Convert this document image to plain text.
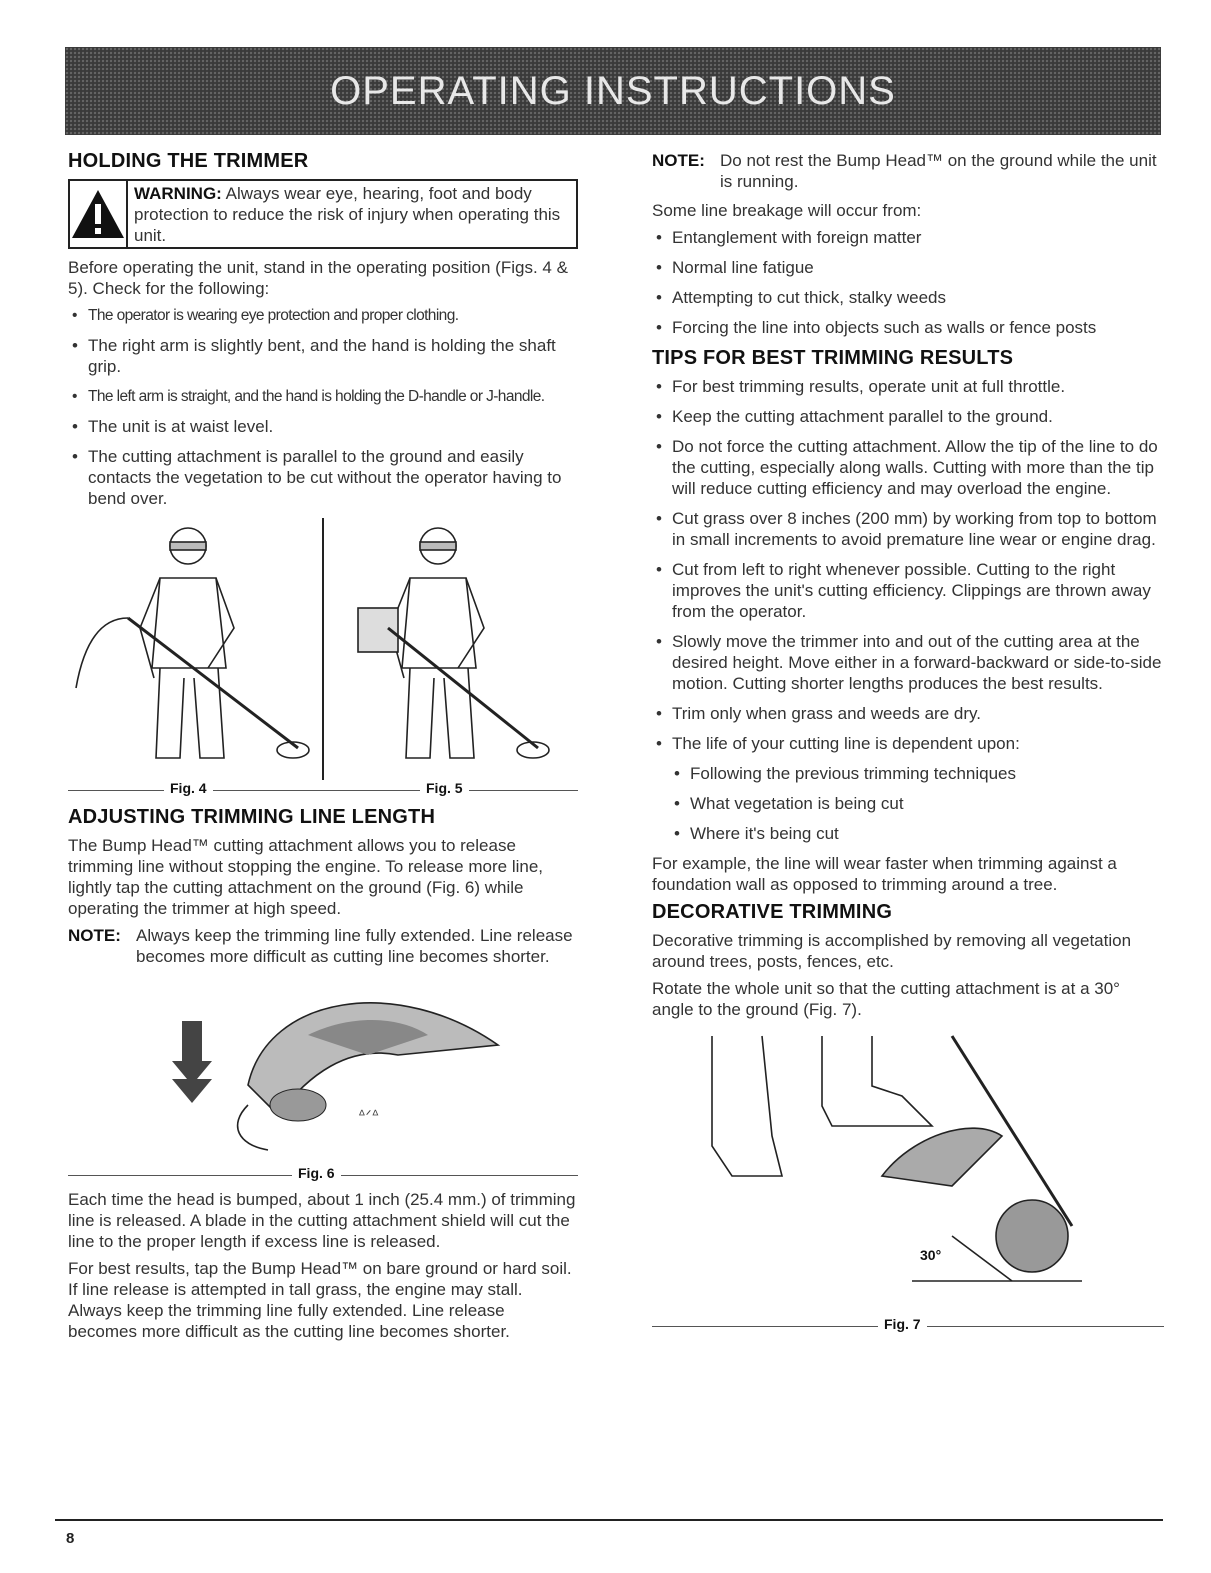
OPERATING INSTRUCTIONS
HOLDING THE TRIMMER
WARNING: Always wear eye, hearing, foot and body protection to reduce the risk of injury when operating this unit.

Before operating the unit, stand in the operating position (Figs. 4 & 5). Check for the following:

• The operator is wearing eye protection and proper clothing.
• The right arm is slightly bent, and the hand is holding the shaft grip.
• The left arm is straight, and the hand is holding the D-handle or J-handle.
• The unit is at waist level.
• The cutting attachment is parallel to the ground and easily contacts the vegetation to be cut without the operator having to bend over.
Fig. 4	Fig. 5
ADJUSTING TRIMMING LINE LENGTH

The Bump Head™ cutting attachment allows you to release trimming line without stopping the engine. To release more line, lightly tap the cutting attachment on the ground (Fig. 6) while operating the trimmer at high speed.

NOTE: Always keep the trimming line fully extended. Line release becomes more difficult as cutting line becomes shorter.
ᐞᐟᐞ
Fig. 6

Each time the head is bumped, about 1 inch (25.4 mm.) of trimming line is released. A blade in the cutting attachment shield will cut the line to the proper length if excess line is released.

For best results, tap the Bump Head™ on bare ground or hard soil. If line release is attempted in tall grass, the engine may stall. Always keep the trimming line fully extended. Line release becomes more difficult as the cutting line becomes shorter.

NOTE: Do not rest the Bump Head™ on the ground while the unit is running.

Some line breakage will occur from:

• Entanglement with foreign matter
• Normal line fatigue
• Attempting to cut thick, stalky weeds
• Forcing the line into objects such as walls or fence posts
TIPS FOR BEST TRIMMING RESULTS
• For best trimming results, operate unit at full throttle.
• Keep the cutting attachment parallel to the ground.
• Do not force the cutting attachment. Allow the tip of the line to do the cutting, especially along walls. Cutting with more than the tip will reduce cutting efficiency and may overload the engine.
• Cut grass over 8 inches (200 mm) by working from top to bottom in small increments to avoid premature line wear or engine drag.
• Cut from left to right whenever possible. Cutting to the right improves the unit's cutting efficiency. Clippings are thrown away from the operator.
• Slowly move the trimmer into and out of the cutting area at the desired height. Move either in a forward-backward or side-to-side motion. Cutting shorter lengths produces the best results.
• Trim only when grass and weeds are dry.
• The life of your cutting line is dependent upon:
• Following the previous trimming techniques
• What vegetation is being cut
• Where it's being cut

For example, the line will wear faster when trimming against a foundation wall as opposed to trimming around a tree.

DECORATIVE TRIMMING

Decorative trimming is accomplished by removing all vegetation around trees, posts, fences, etc.

Rotate the whole unit so that the cutting attachment is at a 30° angle to the ground (Fig. 7).

30°
Fig. 7
8
